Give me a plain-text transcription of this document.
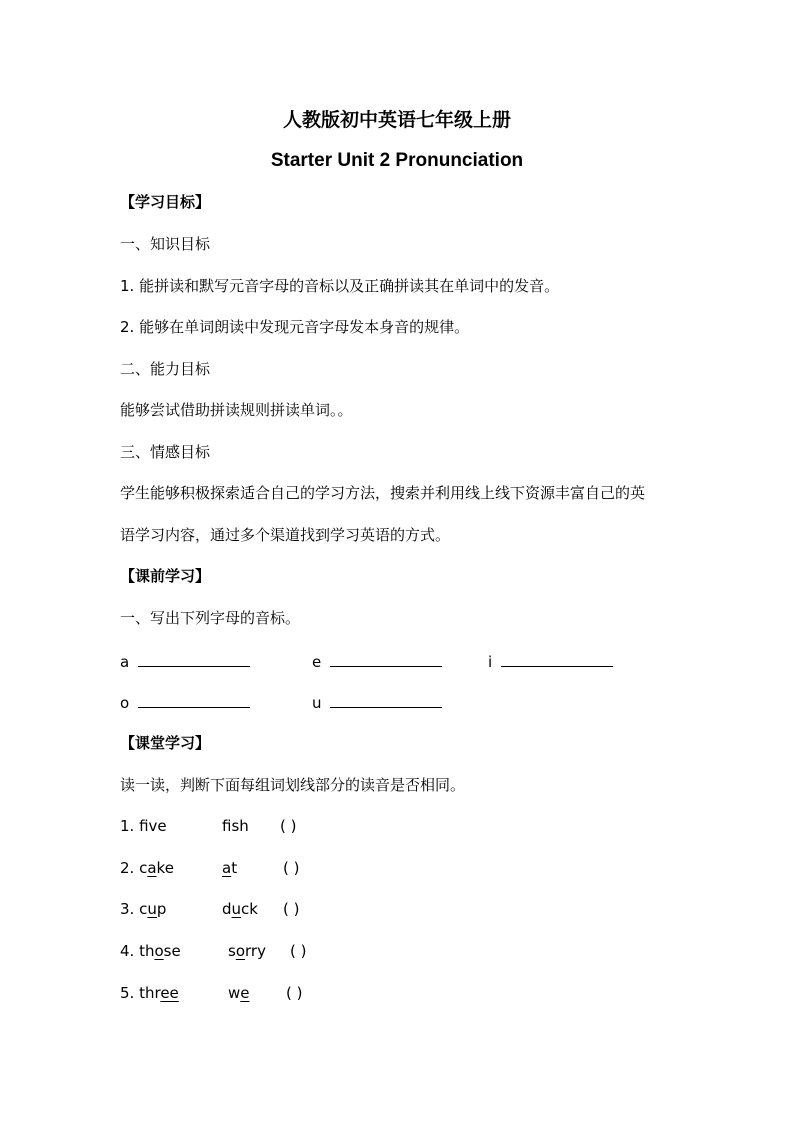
人教版初中英语七年级上册
Starter Unit 2 Pronunciation
【学习目标】
一、知识目标
1. 能拼读和默写元音字母的音标以及正确拼读其在单词中的发音。
2. 能够在单词朗读中发现元音字母发本身音的规律。
二、能力目标
能够尝试借助拼读规则拼读单词。。
三、情感目标
学生能够积极探索适合自己的学习方法，搜索并利用线上线下资源丰富自己的英
语学习内容，通过多个渠道找到学习英语的方式。
【课前学习】
一、写出下列字母的音标。
a	e	i
o	u
【课堂学习】
读一读，判断下面每组词划线部分的读音是否相同。
1. fve	fsh ( )
2. cake	at	( )
3. cup	duck ( )
4. those	sorry ( )
5. three	we ( )
